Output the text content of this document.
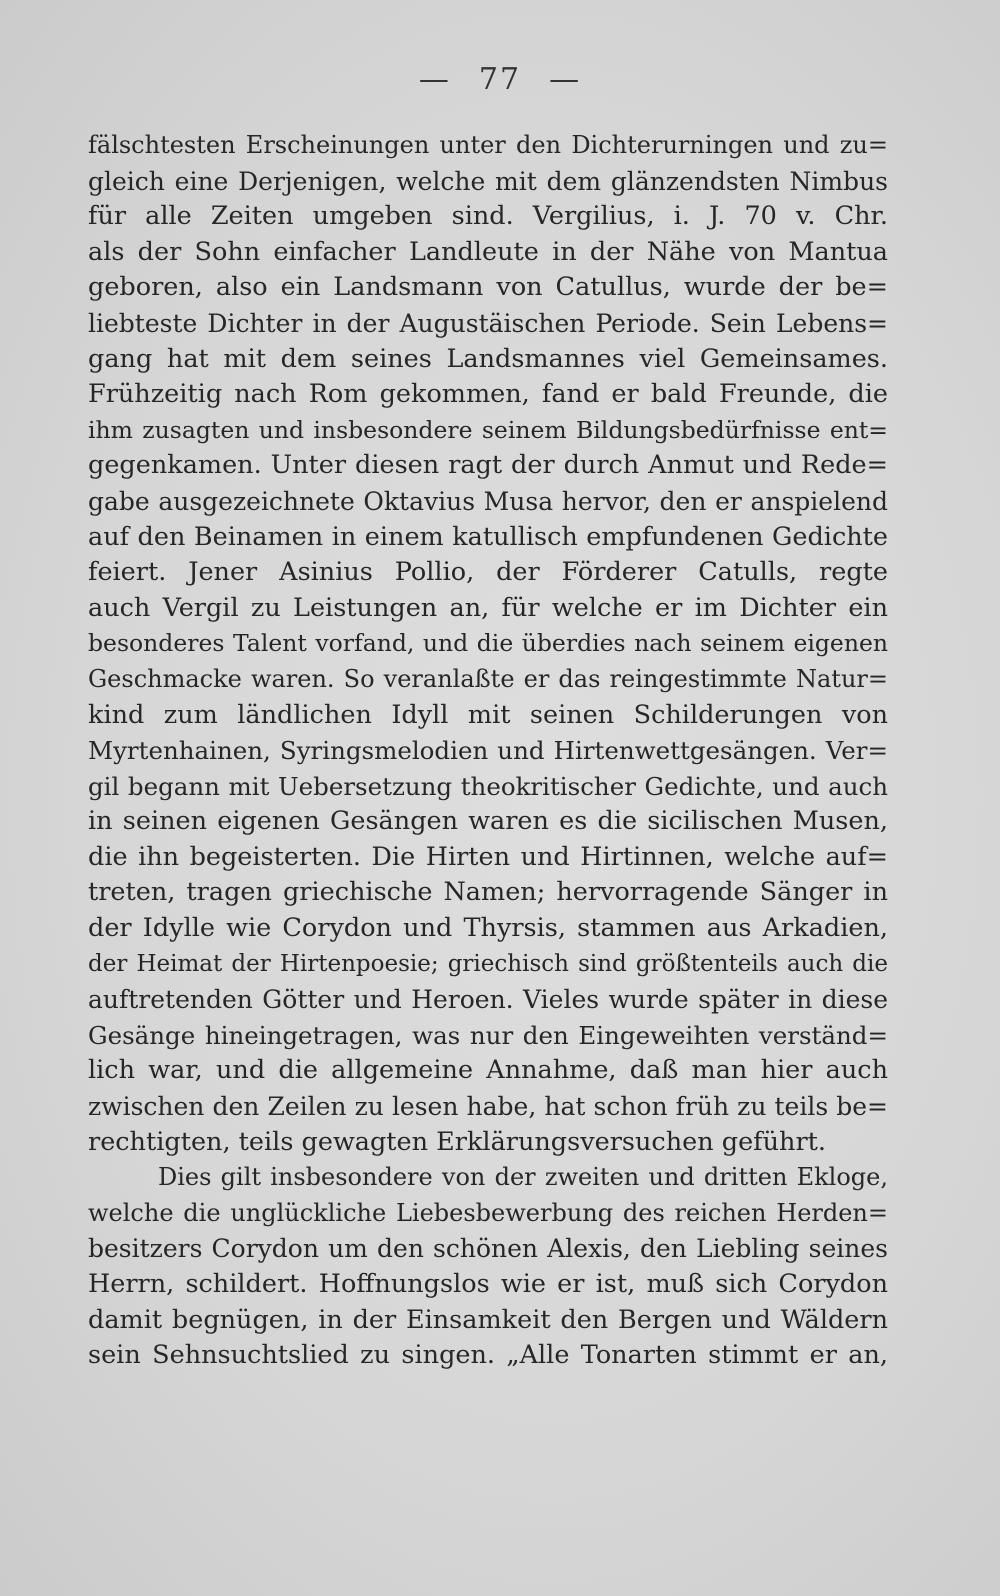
— 77 —
fälschtesten Erscheinungen unter den Dichterurningen und zu=
gleich eine Derjenigen, welche mit dem glänzendsten Nimbus
für alle Zeiten umgeben sind. Vergilius, i. J. 70 v. Chr.
als der Sohn einfacher Landleute in der Nähe von Mantua
geboren, also ein Landsmann von Catullus, wurde der be=
liebteste Dichter in der Augustäischen Periode. Sein Lebens=
gang hat mit dem seines Landsmannes viel Gemeinsames.
Frühzeitig nach Rom gekommen, fand er bald Freunde, die
ihm zusagten und insbesondere seinem Bildungsbedürfnisse ent=
gegenkamen. Unter diesen ragt der durch Anmut und Rede=
gabe ausgezeichnete Oktavius Musa hervor, den er anspielend
auf den Beinamen in einem katullisch empfundenen Gedichte
feiert. Jener Asinius Pollio, der Förderer Catulls, regte
auch Vergil zu Leistungen an, für welche er im Dichter ein
besonderes Talent vorfand, und die überdies nach seinem eigenen
Geschmacke waren. So veranlaßte er das reingestimmte Natur=
kind zum ländlichen Idyll mit seinen Schilderungen von
Myrtenhainen, Syringsmelodien und Hirtenwettgesängen. Ver=
gil begann mit Uebersetzung theokritischer Gedichte, und auch
in seinen eigenen Gesängen waren es die sicilischen Musen,
die ihn begeisterten. Die Hirten und Hirtinnen, welche auf=
treten, tragen griechische Namen; hervorragende Sänger in
der Idylle wie Corydon und Thyrsis, stammen aus Arkadien,
der Heimat der Hirtenpoesie; griechisch sind größtenteils auch die
auftretenden Götter und Heroen. Vieles wurde später in diese
Gesänge hineingetragen, was nur den Eingeweihten verständ=
lich war, und die allgemeine Annahme, daß man hier auch
zwischen den Zeilen zu lesen habe, hat schon früh zu teils be=
rechtigten, teils gewagten Erklärungsversuchen geführt.
Dies gilt insbesondere von der zweiten und dritten Ekloge,
welche die unglückliche Liebesbewerbung des reichen Herden=
besitzers Corydon um den schönen Alexis, den Liebling seines
Herrn, schildert. Hoffnungslos wie er ist, muß sich Corydon
damit begnügen, in der Einsamkeit den Bergen und Wäldern
sein Sehnsuchtslied zu singen. „Alle Tonarten stimmt er an,
